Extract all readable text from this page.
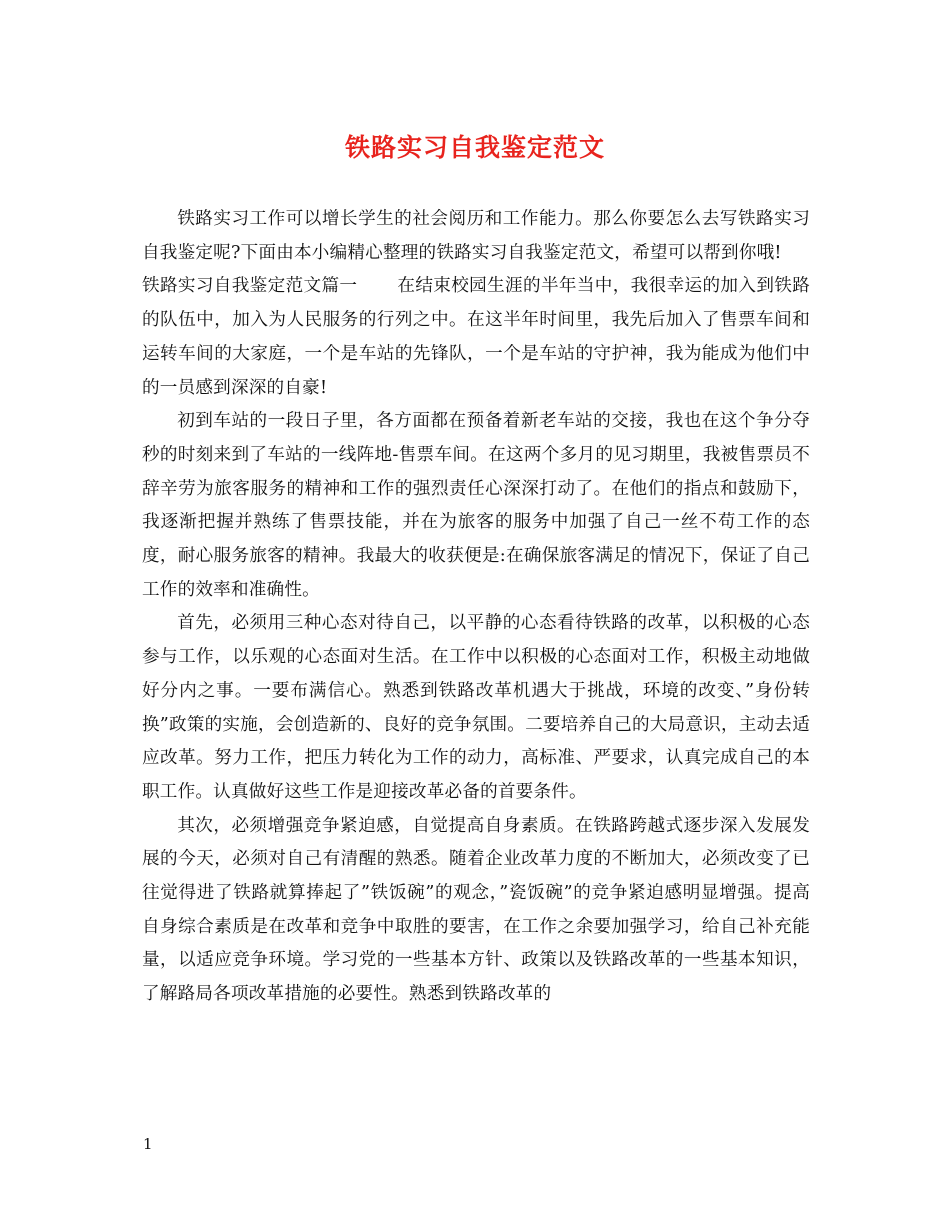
铁路实习自我鉴定范文

铁路实习工作可以增长学生的社会阅历和工作能力。那么你要怎么去写铁路实习自我鉴定呢?下面由本小编精心整理的铁路实习自我鉴定范文，希望可以帮到你哦!

铁路实习自我鉴定范文篇一 在结束校园生涯的半年当中，我很幸运的加入到铁路的队伍中，加入为人民服务的行列之中。在这半年时间里，我先后加入了售票车间和运转车间的大家庭，一个是车站的先锋队，一个是车站的守护神，我为能成为他们中的一员感到深深的自豪!

初到车站的一段日子里，各方面都在预备着新老车站的交接，我也在这个争分夺秒的时刻来到了车站的一线阵地-售票车间。在这两个多月的见习期里，我被售票员不辞辛劳为旅客服务的精神和工作的强烈责任心深深打动了。在他们的指点和鼓励下，我逐渐把握并熟练了售票技能，并在为旅客的服务中加强了自己一丝不苟工作的态度，耐心服务旅客的精神。我最大的收获便是:在确保旅客满足的情况下，保证了自己工作的效率和准确性。

首先，必须用三种心态对待自己，以平静的心态看待铁路的改革，以积极的心态参与工作，以乐观的心态面对生活。在工作中以积极的心态面对工作，积极主动地做好分内之事。一要布满信心。熟悉到铁路改革机遇大于挑战，环境的改变、”身份转换”政策的实施，会创造新的、良好的竞争氛围。二要培养自己的大局意识，主动去适应改革。努力工作，把压力转化为工作的动力，高标准、严要求，认真完成自己的本职工作。认真做好这些工作是迎接改革必备的首要条件。

其次，必须增强竞争紧迫感，自觉提高自身素质。在铁路跨越式逐步深入发展发展的今天，必须对自己有清醒的熟悉。随着企业改革力度的不断加大，必须改变了已往觉得进了铁路就算捧起了”铁饭碗”的观念，”瓷饭碗”的竞争紧迫感明显增强。提高自身综合素质是在改革和竞争中取胜的要害，在工作之余要加强学习，给自己补充能量，以适应竞争环境。学习党的一些基本方针、政策以及铁路改革的一些基本知识，了解路局各项改革措施的必要性。熟悉到铁路改革的

1
